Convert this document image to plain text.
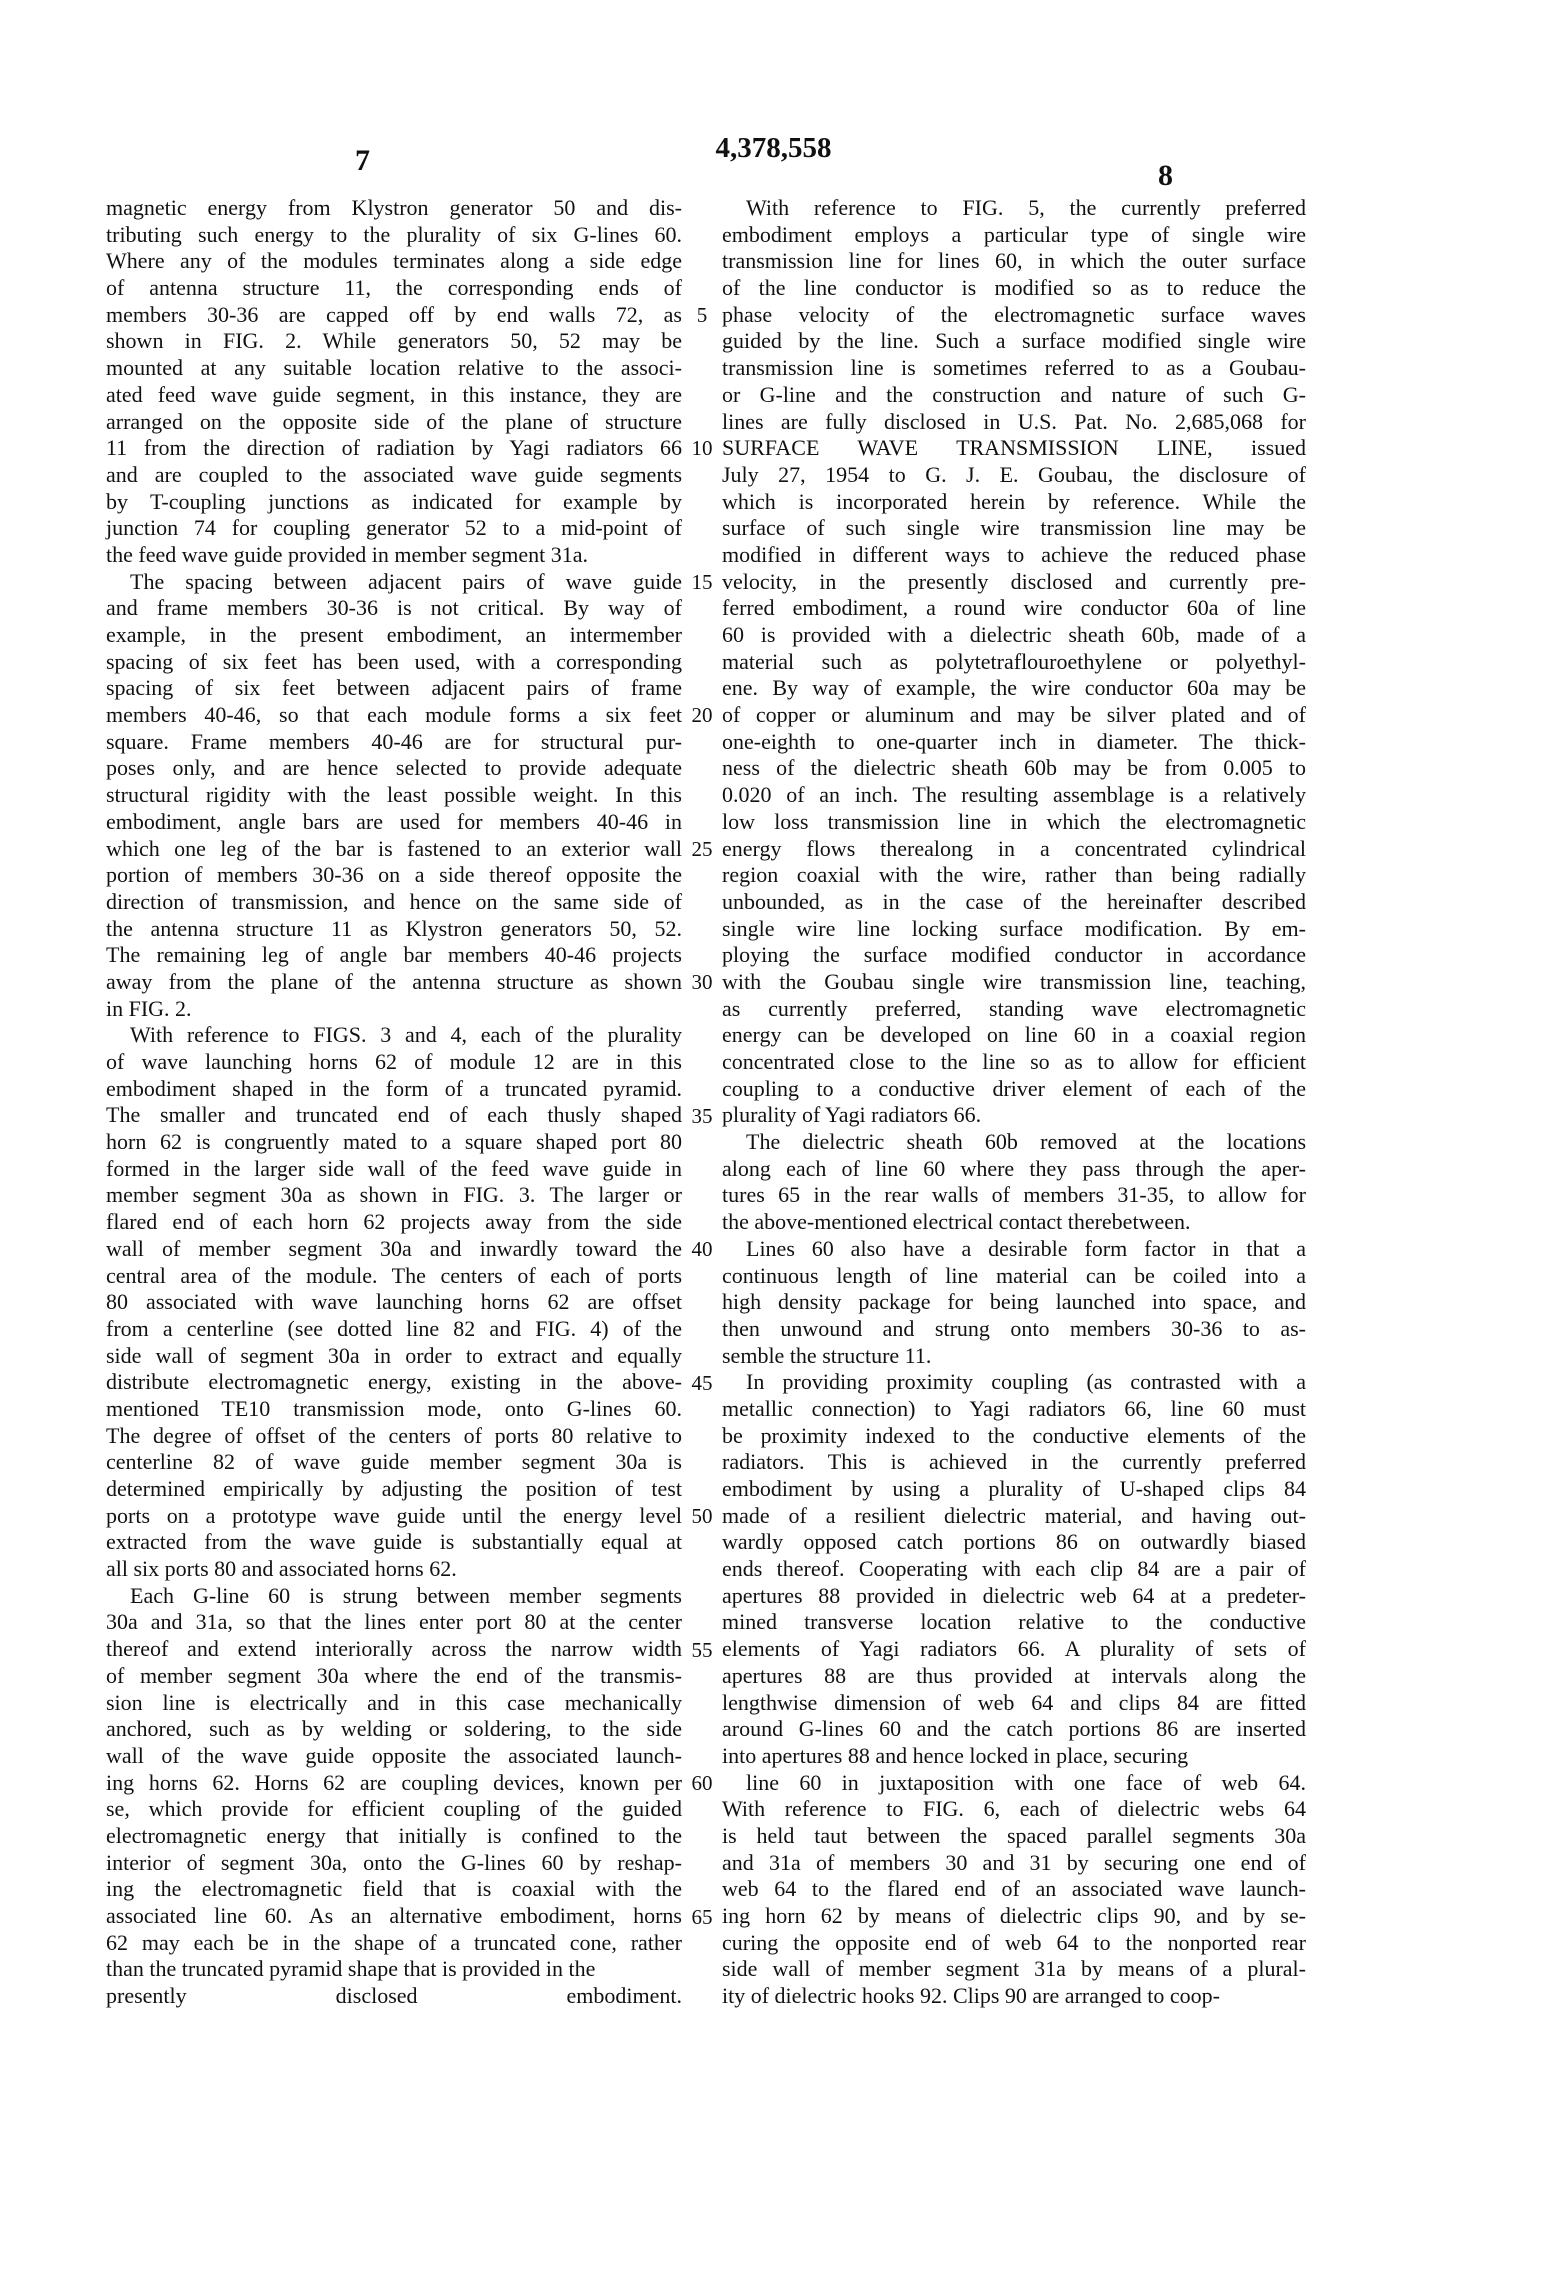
4,378,558
7	8
magnetic energy from Klystron generator 50 and dis-
tributing such energy to the plurality of six G-lines 60.
Where any of the modules terminates along a side edge
of antenna structure 11, the corresponding ends of
members 30-36 are capped off by end walls 72, as
shown in FIG. 2. While generators 50, 52 may be
mounted at any suitable location relative to the associ-
ated feed wave guide segment, in this instance, they are
arranged on the opposite side of the plane of structure
11 from the direction of radiation by Yagi radiators 66
and are coupled to the associated wave guide segments
by T-coupling junctions as indicated for example by
junction 74 for coupling generator 52 to a mid-point of
the feed wave guide provided in member segment 31a.
The spacing between adjacent pairs of wave guide
and frame members 30-36 is not critical. By way of
example, in the present embodiment, an intermember
spacing of six feet has been used, with a corresponding
spacing of six feet between adjacent pairs of frame
members 40-46, so that each module forms a six feet
square. Frame members 40-46 are for structural pur-
poses only, and are hence selected to provide adequate
structural rigidity with the least possible weight. In this
embodiment, angle bars are used for members 40-46 in
which one leg of the bar is fastened to an exterior wall
portion of members 30-36 on a side thereof opposite the
direction of transmission, and hence on the same side of
the antenna structure 11 as Klystron generators 50, 52.
The remaining leg of angle bar members 40-46 projects
away from the plane of the antenna structure as shown
in FIG. 2.
With reference to FIGS. 3 and 4, each of the plurality
of wave launching horns 62 of module 12 are in this
embodiment shaped in the form of a truncated pyramid.
The smaller and truncated end of each thusly shaped
horn 62 is congruently mated to a square shaped port 80
formed in the larger side wall of the feed wave guide in
member segment 30a as shown in FIG. 3. The larger or
flared end of each horn 62 projects away from the side
wall of member segment 30a and inwardly toward the
central area of the module. The centers of each of ports
80 associated with wave launching horns 62 are offset
from a centerline (see dotted line 82 and FIG. 4) of the
side wall of segment 30a in order to extract and equally
distribute electromagnetic energy, existing in the above-
mentioned TE10 transmission mode, onto G-lines 60.
The degree of offset of the centers of ports 80 relative to
centerline 82 of wave guide member segment 30a is
determined empirically by adjusting the position of test
ports on a prototype wave guide until the energy level
extracted from the wave guide is substantially equal at
all six ports 80 and associated horns 62.
Each G-line 60 is strung between member segments
30a and 31a, so that the lines enter port 80 at the center
thereof and extend interiorally across the narrow width
of member segment 30a where the end of the transmis-
sion line is electrically and in this case mechanically
anchored, such as by welding or soldering, to the side
wall of the wave guide opposite the associated launch-
ing horns 62. Horns 62 are coupling devices, known per
se, which provide for efficient coupling of the guided
electromagnetic energy that initially is confined to the
interior of segment 30a, onto the G-lines 60 by reshap-
ing the electromagnetic field that is coaxial with the
associated line 60. As an alternative embodiment, horns
62 may each be in the shape of a truncated cone, rather
than the truncated pyramid shape that is provided in the
presently disclosed embodiment.
With reference to FIG. 5, the currently preferred
embodiment employs a particular type of single wire
transmission line for lines 60, in which the outer surface
of the line conductor is modified so as to reduce the
phase velocity of the electromagnetic surface waves
guided by the line. Such a surface modified single wire
transmission line is sometimes referred to as a Goubau-
or G-line and the construction and nature of such G-
lines are fully disclosed in U.S. Pat. No. 2,685,068 for
SURFACE WAVE TRANSMISSION LINE, issued
July 27, 1954 to G. J. E. Goubau, the disclosure of
which is incorporated herein by reference. While the
surface of such single wire transmission line may be
modified in different ways to achieve the reduced phase
velocity, in the presently disclosed and currently pre-
ferred embodiment, a round wire conductor 60a of line
60 is provided with a dielectric sheath 60b, made of a
material such as polytetraflouroethylene or polyethyl-
ene. By way of example, the wire conductor 60a may be
of copper or aluminum and may be silver plated and of
one-eighth to one-quarter inch in diameter. The thick-
ness of the dielectric sheath 60b may be from 0.005 to
0.020 of an inch. The resulting assemblage is a relatively
low loss transmission line in which the electromagnetic
energy flows therealong in a concentrated cylindrical
region coaxial with the wire, rather than being radially
unbounded, as in the case of the hereinafter described
single wire line locking surface modification. By em-
ploying the surface modified conductor in accordance
with the Goubau single wire transmission line, teaching,
as currently preferred, standing wave electromagnetic
energy can be developed on line 60 in a coaxial region
concentrated close to the line so as to allow for efficient
coupling to a conductive driver element of each of the
plurality of Yagi radiators 66.
The dielectric sheath 60b removed at the locations
along each of line 60 where they pass through the aper-
tures 65 in the rear walls of members 31-35, to allow for
the above-mentioned electrical contact therebetween.
Lines 60 also have a desirable form factor in that a
continuous length of line material can be coiled into a
high density package for being launched into space, and
then unwound and strung onto members 30-36 to as-
semble the structure 11.
In providing proximity coupling (as contrasted with a
metallic connection) to Yagi radiators 66, line 60 must
be proximity indexed to the conductive elements of the
radiators. This is achieved in the currently preferred
embodiment by using a plurality of U-shaped clips 84
made of a resilient dielectric material, and having out-
wardly opposed catch portions 86 on outwardly biased
ends thereof. Cooperating with each clip 84 are a pair of
apertures 88 provided in dielectric web 64 at a predeter-
mined transverse location relative to the conductive
elements of Yagi radiators 66. A plurality of sets of
apertures 88 are thus provided at intervals along the
lengthwise dimension of web 64 and clips 84 are fitted
around G-lines 60 and the catch portions 86 are inserted
into apertures 88 and hence locked in place, securing
line 60 in juxtaposition with one face of web 64.
With reference to FIG. 6, each of dielectric webs 64
is held taut between the spaced parallel segments 30a
and 31a of members 30 and 31 by securing one end of
web 64 to the flared end of an associated wave launch-
ing horn 62 by means of dielectric clips 90, and by se-
curing the opposite end of web 64 to the nonported rear
side wall of member segment 31a by means of a plural-
ity of dielectric hooks 92. Clips 90 are arranged to coop-
5
10
15
20
25
30
35
40
45
50
55
60
65
